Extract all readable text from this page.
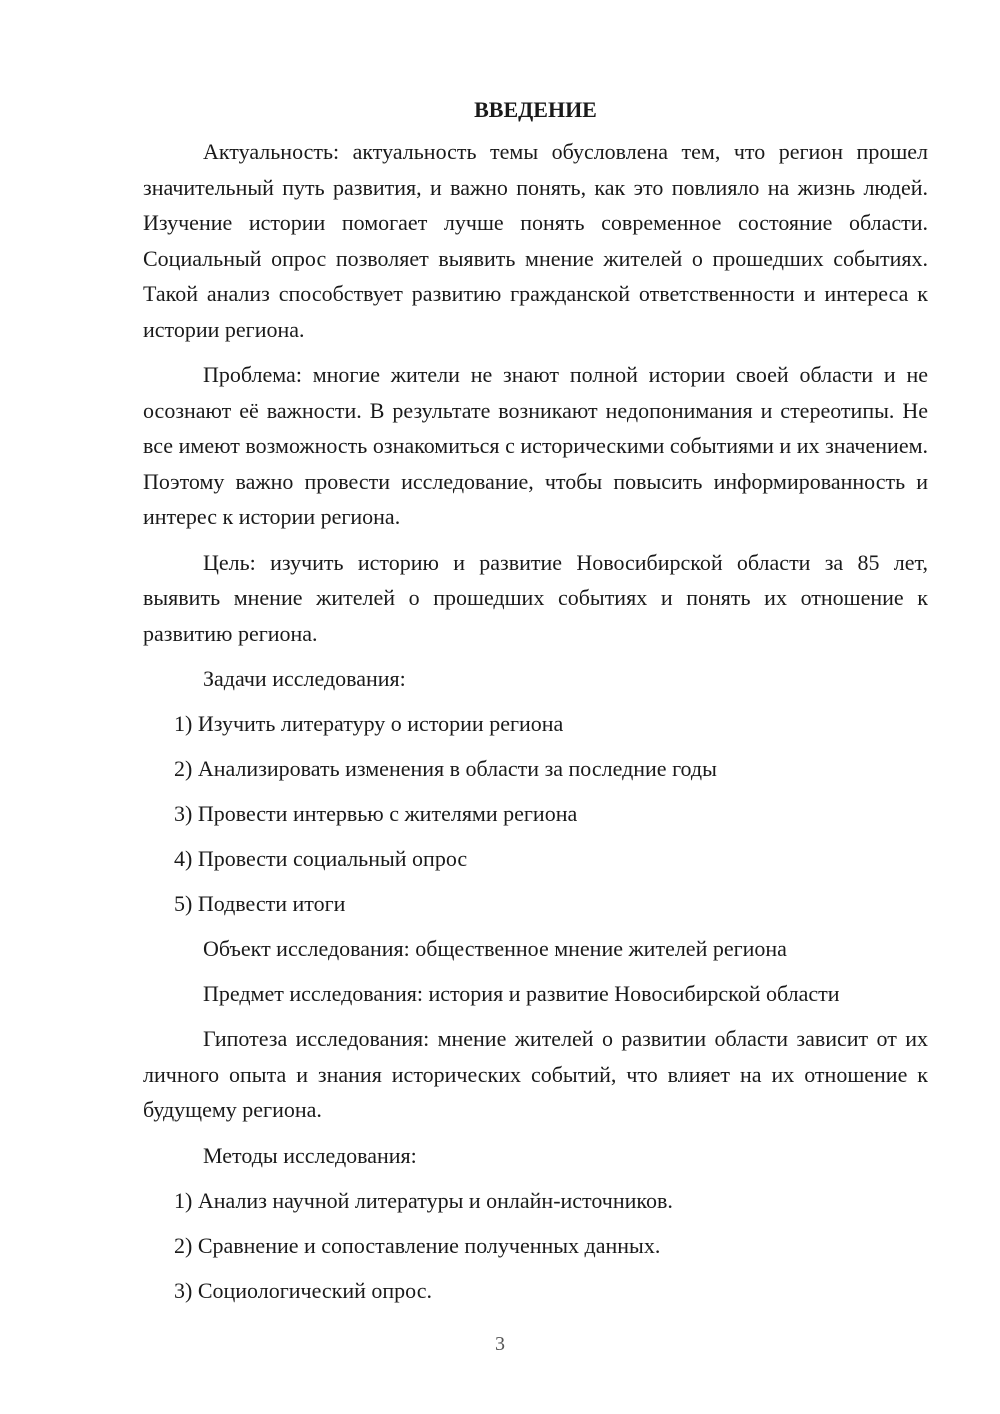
ВВЕДЕНИЕ

Актуальность: актуальность темы обусловлена тем, что регион прошел значительный путь развития, и важно понять, как это повлияло на жизнь людей. Изучение истории помогает лучше понять современное состояние области. Социальный опрос позволяет выявить мнение жителей о прошедших событиях. Такой анализ способствует развитию гражданской ответственности и интереса к истории региона.

Проблема: многие жители не знают полной истории своей области и не осознают её важности. В результате возникают недопонимания и стереотипы. Не все имеют возможность ознакомиться с историческими событиями и их значением. Поэтому важно провести исследование, чтобы повысить информированность и интерес к истории региона.

Цель: изучить историю и развитие Новосибирской области за 85 лет, выявить мнение жителей о прошедших событиях и понять их отношение к развитию региона.

Задачи исследования:
1) Изучить литературу о истории региона
2) Анализировать изменения в области за последние годы
3) Провести интервью с жителями региона
4) Провести социальный опрос
5) Подвести итоги
Объект исследования: общественное мнение жителей региона
Предмет исследования: история и развитие Новосибирской области

Гипотеза исследования: мнение жителей о развитии области зависит от их личного опыта и знания исторических событий, что влияет на их отношение к будущему региона.

Методы исследования:
1) Анализ научной литературы и онлайн-источников.
2) Сравнение и сопоставление полученных данных.
3) Социологический опрос.
3
